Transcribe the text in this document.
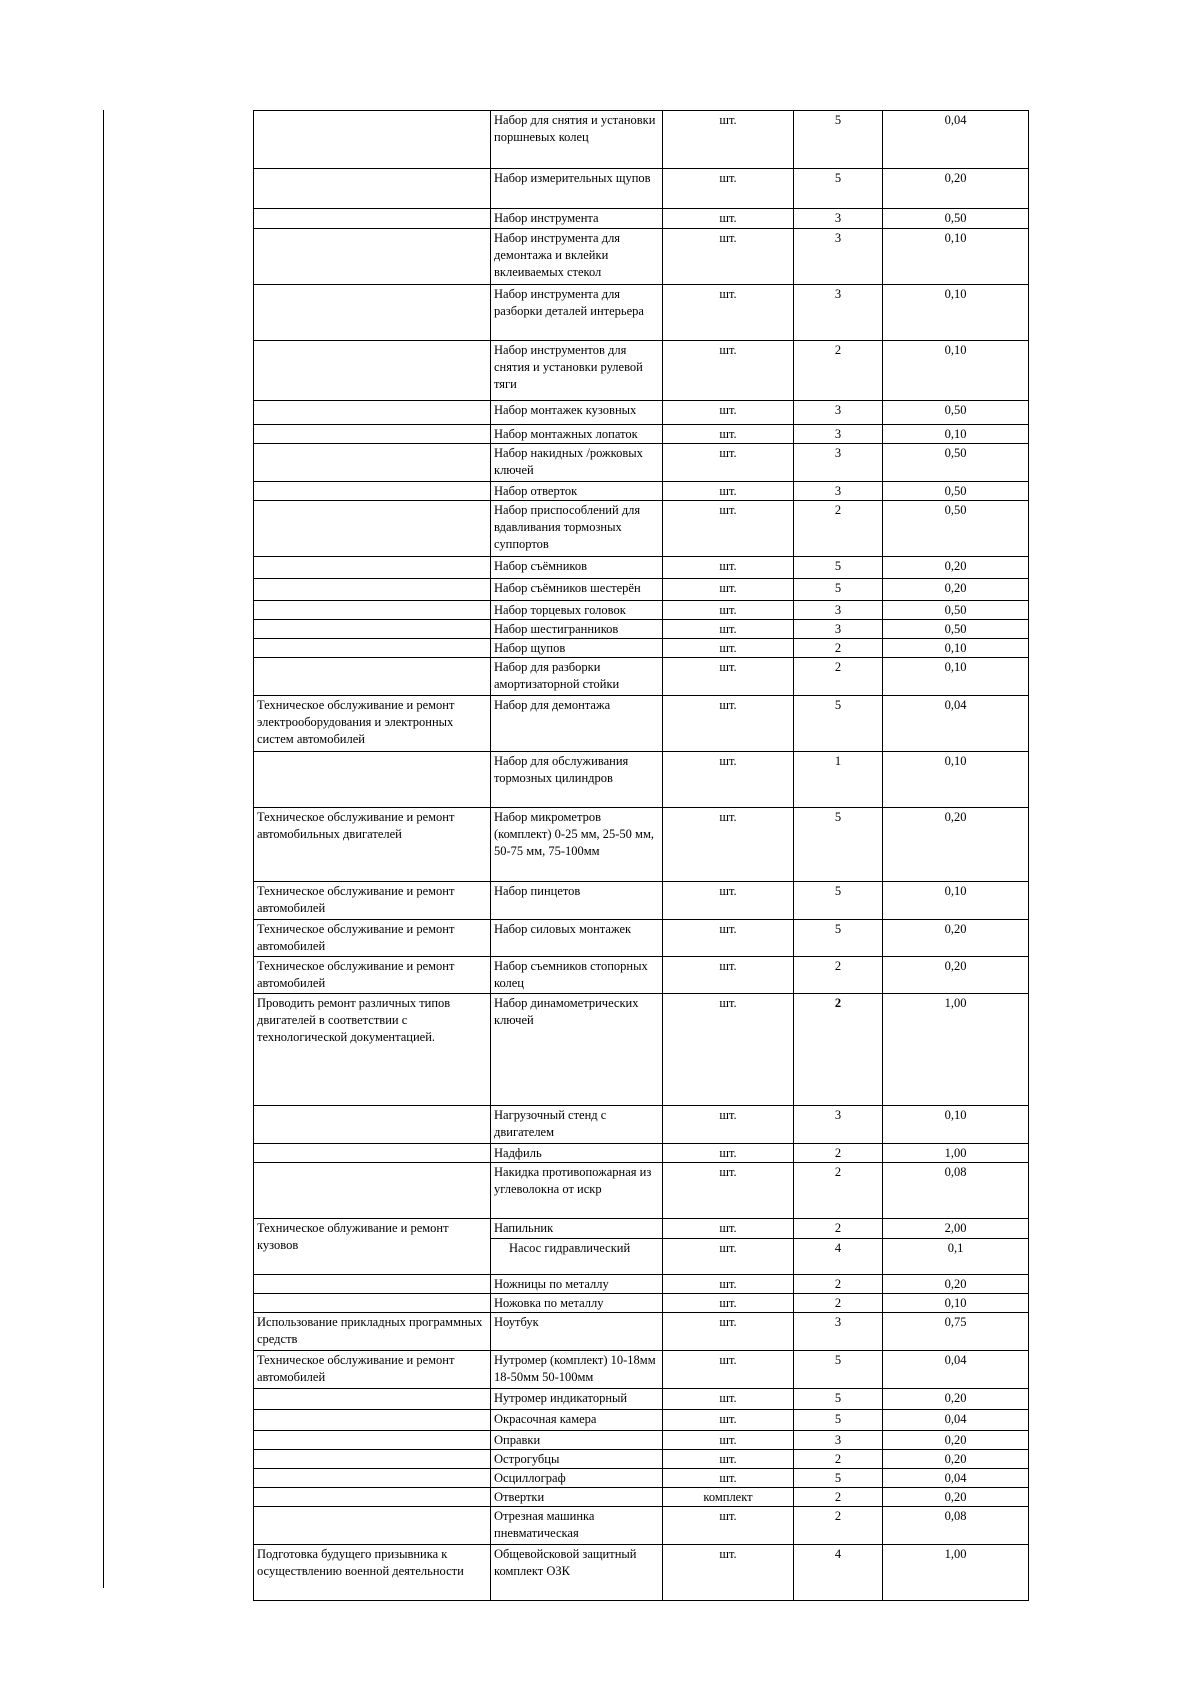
	Набор для снятия и установки поршневых колец	шт.	5	0,04
	Набор измерительных щупов	шт.	5	0,20
	Набор инструмента	шт.	3	0,50
	Набор инструмента для демонтажа и вклейки вклеиваемых стекол	шт.	3	0,10
	Набор инструмента для разборки деталей интерьера	шт.	3	0,10
	Набор инструментов для снятия и установки рулевой тяги	шт.	2	0,10
	Набор монтажек кузовных	шт.	3	0,50
	Набор монтажных лопаток	шт.	3	0,10
	Набор накидных /рожковых ключей	шт.	3	0,50
	Набор отверток	шт.	3	0,50
	Набор приспособлений для вдавливания тормозных суппортов	шт.	2	0,50
	Набор съёмников	шт.	5	0,20
	Набор съёмников шестерён	шт.	5	0,20
	Набор торцевых головок	шт.	3	0,50
	Набор шестигранников	шт.	3	0,50
	Набор щупов	шт.	2	0,10
	Набор для разборки амортизаторной стойки	шт.	2	0,10
Техническое обслуживание и ремонт электрооборудования и электронных систем автомобилей	Набор для демонтажа	шт.	5	0,04
	Набор для обслуживания тормозных цилиндров	шт.	1	0,10
Техническое обслуживание и ремонт автомобильных двигателей	Набор микрометров (комплект) 0-25 мм, 25-50 мм, 50-75 мм, 75-100мм	шт.	5	0,20
Техническое обслуживание и ремонт автомобилей	Набор пинцетов	шт.	5	0,10
Техническое обслуживание и ремонт автомобилей	Набор силовых монтажек	шт.	5	0,20
Техническое обслуживание и ремонт автомобилей	Набор съемников стопорных колец	шт.	2	0,20
Проводить ремонт различных типов двигателей в соответствии с технологической документацией.	Набор динамометрических ключей	шт.	2	1,00
	Нагрузочный стенд с двигателем	шт.	3	0,10
	Надфиль	шт.	2	1,00
	Накидка противопожарная из углеволокна от искр	шт.	2	0,08
Техническое облуживание и ремонт кузовов	Напильник	шт.	2	2,00
	Насос гидравлический	шт.	4	0,1
	Ножницы по металлу	шт.	2	0,20
	Ножовка по металлу	шт.	2	0,10
Использование прикладных программных средств	Ноутбук	шт.	3	0,75
Техническое обслуживание и ремонт автомобилей	Нутромер (комплект) 10-18мм 18-50мм 50-100мм	шт.	5	0,04
	Нутромер индикаторный	шт.	5	0,20
	Окрасочная камера	шт.	5	0,04
	Оправки	шт.	3	0,20
	Острогубцы	шт.	2	0,20
	Осциллограф	шт.	5	0,04
	Отвертки	комплект	2	0,20
	Отрезная машинка пневматическая	шт.	2	0,08
Подготовка будущего призывника к осуществлению военной деятельности	Общевойсковой защитный комплект ОЗК	шт.	4	1,00
